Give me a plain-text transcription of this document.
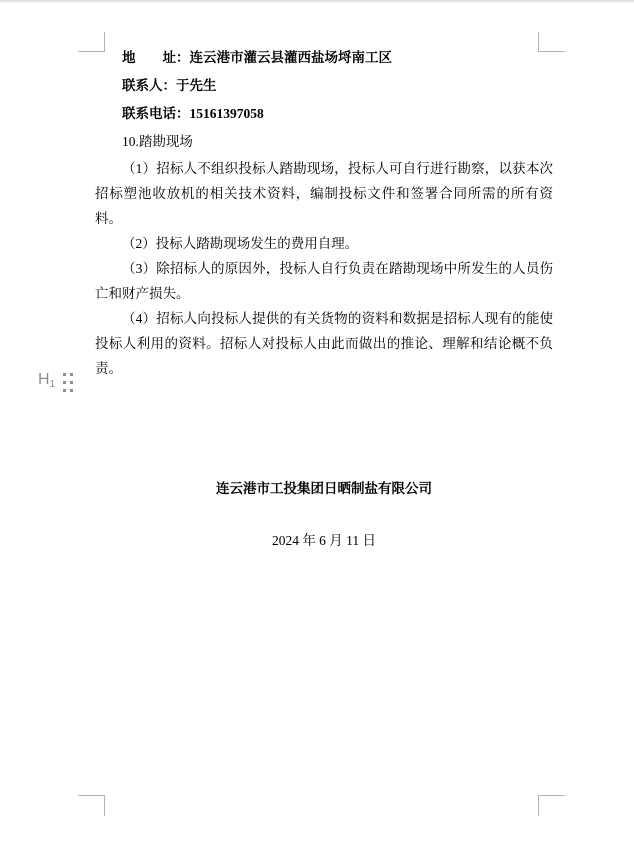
$H_1$

地　　址：连云港市灌云县灌西盐场埒南工区

联系人：于先生

联系电话：15161397058

10.踏勘现场

（1）招标人不组织投标人踏勘现场，投标人可自行进行勘察，以获本次招标塑池收放机的相关技术资料，编制投标文件和签署合同所需的所有资料。

（2）投标人踏勘现场发生的费用自理。

（3）除招标人的原因外，投标人自行负责在踏勘现场中所发生的人员伤亡和财产损失。

（4）招标人向投标人提供的有关货物的资料和数据是招标人现有的能使投标人利用的资料。招标人对投标人由此而做出的推论、理解和结论概不负责。

连云港市工投集团日晒制盐有限公司

2024 年 6 月 11 日
